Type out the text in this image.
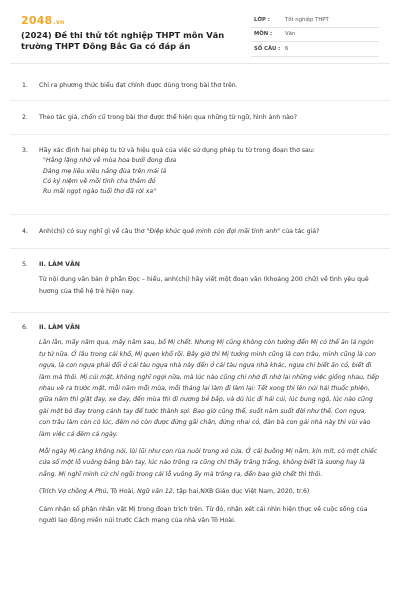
2048.vn
(2024) Đề thi thử tốt nghiệp THPT môn Văn trường THPT Đông Bắc Ga có đáp án
LỚP :	Tốt nghiệp THPT
MÔN : Văn
SỐ CÂU : 6
1.	Chỉ ra phương thức biểu đạt chính được dùng trong bài thơ trên.
2.	Theo tác giả, chốn cũ trong bài thơ được thể hiện qua những từ ngữ, hình ảnh nào?
3.	Hãy xác định hai phép tu từ và hiệu quả của việc sử dụng phép tu từ trong đoạn thơ sau:
"Hẳng lặng nhớ về mùa hoa bưởi đong đưa
Dáng mẹ liêu xiêu nắng đùa trên mái lá
Có kỷ niệm về mồi tình cha thắm đỏ
Ru mãi ngọt ngào tuổi thơ đã rời xa"
4.	Anh(chị) có suy nghĩ gì về câu thơ "Điệp khúc quê mình còn đợi mãi tình anh" của tác giả?
5.	II. LÀM VĂN
Từ nội dung văn bản ở phần Đọc – hiểu, anh(chị) hãy viết một đoạn văn (khoảng 200 chữ) về tình yêu quê hương của thế hệ trẻ hiện nay.
6.	II. LÀM VĂN
Lần lần, mấy năm qua, mấy năm sau, bố Mị chết. Nhưng Mị cũng không còn tưởng đến Mị có thể ăn lá ngón tự tử nữa. Ở lâu trong cái khổ, Mị quen khổ rồi. Bây giờ thì Mị tưởng mình cũng là con trâu, mình cũng là con ngựa, là con ngựa phải đổi ở cái tàu ngựa nhà này đến ở cái tàu ngựa nhà khác, ngựa chỉ biết ăn cỏ, biết đi làm mà thôi. Mị cúi mặt, không nghĩ ngợi nữa, mà lúc nào cũng chỉ nhớ đi nhớ lại những việc giống nhau, tiếp nhau vẽ ra trước mặt, mỗi năm mỗi mùa, mỗi tháng lại làm đi làm lại: Tết xong thì lên núi hái thuốc phiện, giữa năm thì giặt đay, xe đay, đến mùa thì đi nương bẻ bắp, và dù lúc đi hái củi, lúc bung ngô, lúc nào cũng gài một bó đay trong cánh tay để tước thành sợi. Bao giờ cũng thế, suốt năm suốt đời như thế. Con ngựa, con trâu làm còn có lúc, đêm nó còn được đứng gãi chân, đứng nhai cỏ, đàn bà con gái nhà này thì vùi vào làm việc cả đêm cả ngày.
Mỗi ngày Mị càng không nói, lùi lũi như con rùa nuôi trong xó cửa. Ở cái buồng Mị nằm, kín mít, có một chiếc cửa sổ một lỗ vuông bằng bàn tay, lúc nào trông ra cũng chỉ thấy trăng trắng, không biết là sương hay là nắng. Mị nghĩ mình cứ chỉ ngồi trong cái lỗ vuông ấy mà trông ra, đến bao giờ chết thì thôi.
(Trích Vợ chồng A Phủ, Tô Hoài, Ngữ văn 12, tập hai,NXB Giáo dục Việt Nam, 2020, tr.6)
Cảm nhận số phận nhân vật Mị trong đoạn trích trên. Từ đó, nhận xét cái nhìn hiện thực về cuộc sống của người lao động miền núi trước Cách mạng của nhà văn Tô Hoài.
